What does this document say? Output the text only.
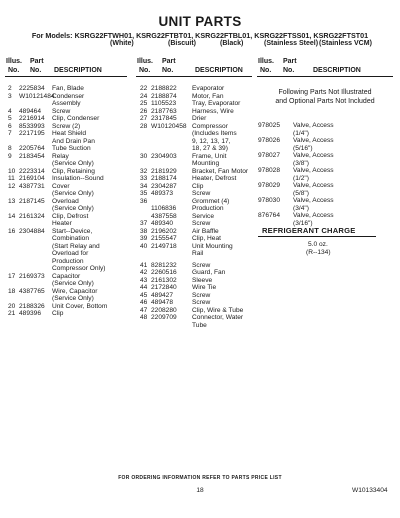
UNIT PARTS
For Models: KSRG22FTWH01, KSRG22FTBT01, KSRG22FTBL01, KSRG22FTSS01, KSRG22FTST01
(White)	(Biscuit)	(Black)	(Stainless Steel) (Stainless VCM)
Illus.
No.
Part
No. DESCRIPTION
Illus.
No.
Part
No.	DESCRIPTION
Illus.
No.
Part
No.	DESCRIPTION
2 2225834 Fan, Blade
3 W10121484
Condenser
Assembly
4 489464 Screw
5 2216914 Clip, Condenser
6 8533993 Screw (2)
7 2217195 Heat Shield
And Drain Pan
8 2205764 Tube Suction
9 2183454 Relay
(Service Only)
10 2223314 Clip, Retaining
11 2169104 Insulation--Sound
12 4387731 Cover
(Service Only)
13 2187145 Overload
(Service Only)
14 2161324 Clip, Defrost
Heater
16 2304884 Start--Device,
Combination
(Start Relay and
Overload for
Production
Compressor Only)
17 2169373 Capacitor
(Service Only)
18 4387765 Wire, Capacitor
(Service Only)
20 2188326 Unit Cover, Bottom
21 489396 Clip
22 2188822 Evaporator
24 2188874 Motor, Fan
25 1105523 Tray, Evaporator
26 2187763 Harness, Wire
27 2317845 Drier
28 W10120458 Compressor
(Includes Items
9, 12, 13, 17,
18, 27 & 39)
30 2304903 Frame, Unit
Mounting
32 2181929 Bracket, Fan Motor
33 2188174 Heater, Defrost
34 2304287 Clip
35 489373	Screw
36	Grommet (4)
1106836 Production
4387558 Service
37 489340	Screw
38 2196202 Air Baffle
39 2155547 Clip, Heat
40 2149718 Unit Mounting
Rail
41 8281232 Screw
42 2260516 Guard, Fan
43 2161302 Sleeve
44 2172840 Wire Tie
45 489427	Screw
46 489478	Screw
47 2208280 Clip, Wire & Tube
48 2209709 Connector, Water
Tube
Following Parts Not Illustrated
and Optional Parts Not Included
978025 Valve, Access
(1/4")
978026 Valve, Access
(5/16")
978027 Valve, Access
(3/8")
978028 Valve, Access
(1/2")
978029 Valve, Access
(5/8")
978030 Valve, Access
(3/4")
876764 Valve, Access
(3/16")
REFRIGERANT CHARGE
5.0 oz.
(R--134)
FOR ORDERING INFORMATION REFER TO PARTS PRICE LIST
18	W10133404
